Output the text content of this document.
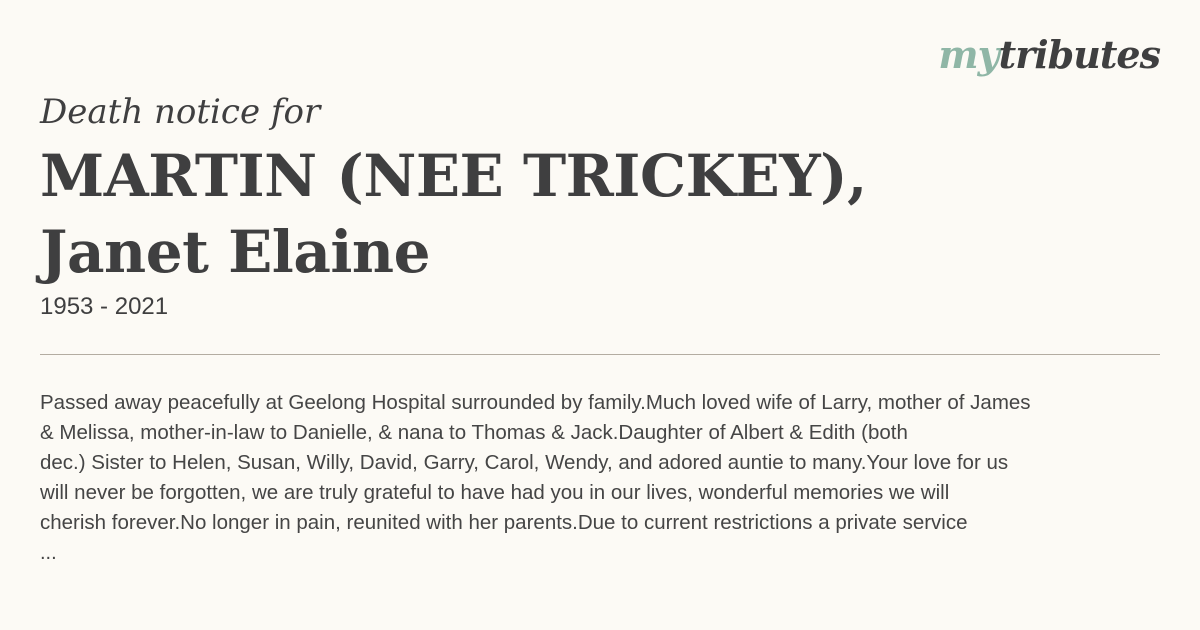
mytributes
Death notice for
MARTIN (NEE TRICKEY),
Janet Elaine

1953 - 2021

Passed away peacefully at Geelong Hospital surrounded by family.Much loved wife of Larry, mother of James
& Melissa, mother-in-law to Danielle, & nana to Thomas & Jack.Daughter of Albert & Edith (both
dec.) Sister to Helen, Susan, Willy, David, Garry, Carol, Wendy, and adored auntie to many.Your love for us
will never be forgotten, we are truly grateful to have had you in our lives, wonderful memories we will
cherish forever.No longer in pain, reunited with her parents.Due to current restrictions a private service

...
